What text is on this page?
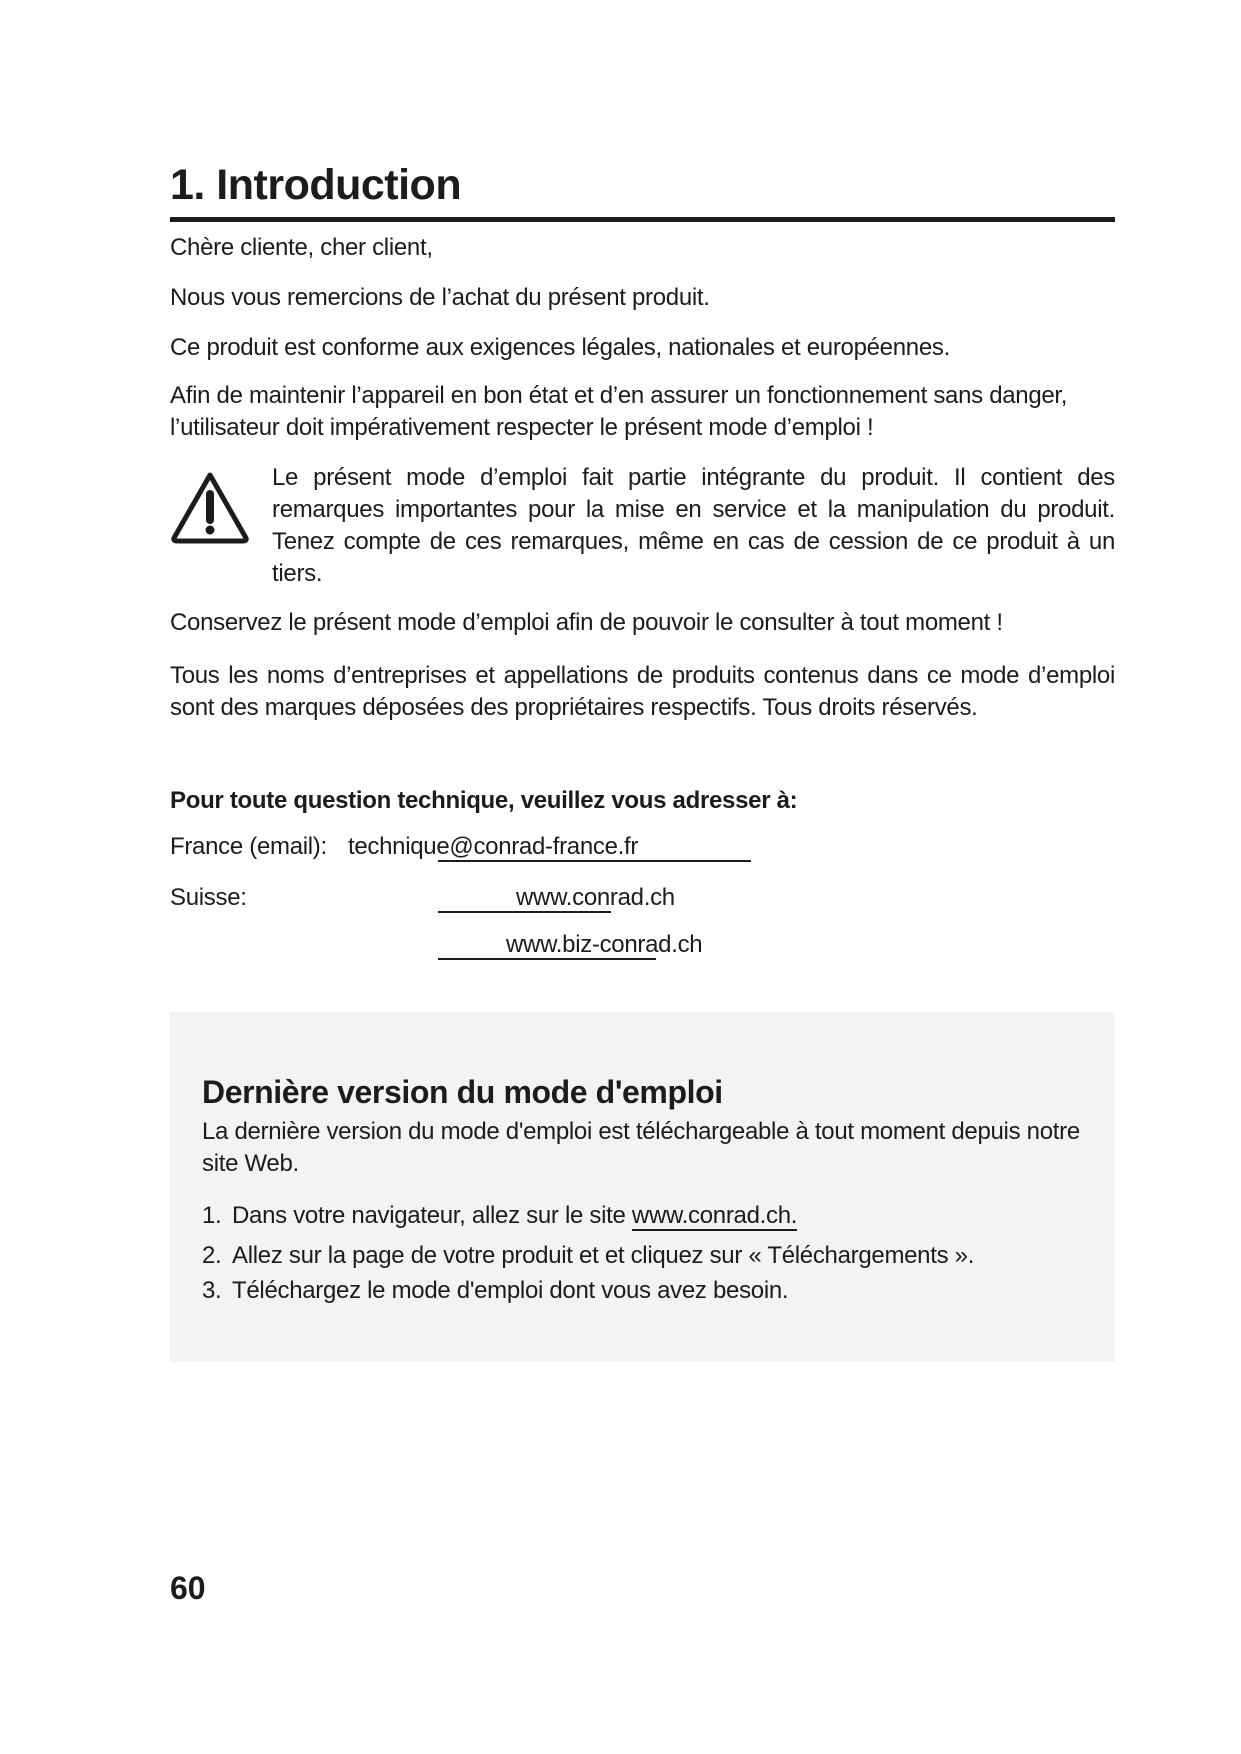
1. Introduction
Chère cliente, cher client,
Nous vous remercions de l’achat du présent produit.
Ce produit est conforme aux exigences légales, nationales et européennes.
Afin de maintenir l’appareil en bon état et d’en assurer un fonctionnement sans danger, l’utilisateur doit impérativement respecter le présent mode d’emploi !
Le présent mode d’emploi fait partie intégrante du produit. Il contient des remarques importantes pour la mise en service et la manipulation du produit. Tenez compte de ces remarques, même en cas de cession de ce produit à un tiers.
Conservez le présent mode d’emploi afin de pouvoir le consulter à tout moment !
Tous les noms d’entreprises et appellations de produits contenus dans ce mode d’emploi sont des marques déposées des propriétaires respectifs. Tous droits réservés.
Pour toute question technique, veuillez vous adresser à:
France (email): technique@conrad-france.fr
Suisse:	www.conrad.ch
www.biz-conrad.ch
Dernière version du mode d'emploi
La dernière version du mode d'emploi est téléchargeable à tout moment depuis notre site Web.
1. Dans votre navigateur, allez sur le site www.conrad.ch.
2. Allez sur la page de votre produit et et cliquez sur « Téléchargements ».
3. Téléchargez le mode d'emploi dont vous avez besoin.
60
